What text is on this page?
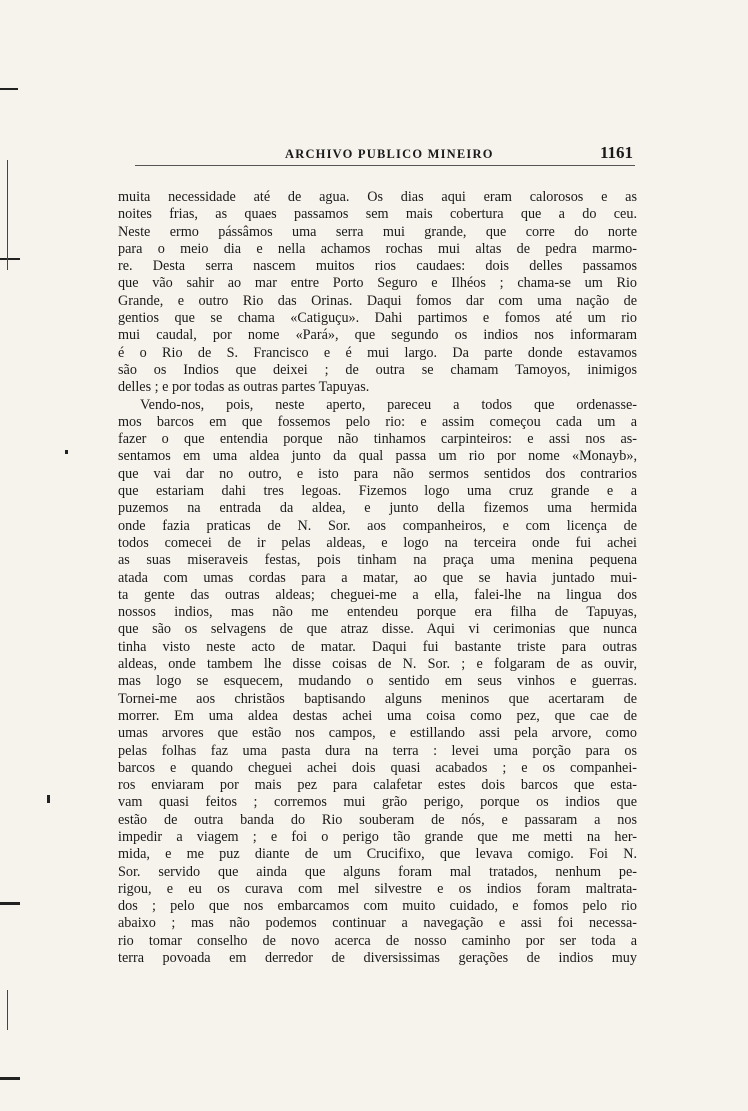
ARCHIVO PUBLICO MINEIRO	1161
muita necessidade até de agua. Os dias aqui eram calorosos e as
noites frias, as quaes passamos sem mais cobertura que a do ceu.
Neste ermo pássâmos uma serra mui grande, que corre do norte
para o meio dia e nella achamos rochas mui altas de pedra marmo-
re. Desta serra nascem muitos rios caudaes: dois delles passamos
que vão sahir ao mar entre Porto Seguro e Ilhéos ; chama-se um Rio
Grande, e outro Rio das Orinas. Daqui fomos dar com uma nação de
gentios que se chama «Catiguçu». Dahi partimos e fomos até um rio
mui caudal, por nome «Pará», que segundo os indios nos informaram
é o Rio de S. Francisco e é mui largo. Da parte donde estavamos
são os Indios que deixei ; de outra se chamam Tamoyos, inimigos
delles ; e por todas as outras partes Tapuyas.
Vendo-nos, pois, neste aperto, pareceu a todos que ordenasse-
mos barcos em que fossemos pelo rio: e assim começou cada um a
fazer o que entendia porque não tinhamos carpinteiros: e assi nos as-
sentamos em uma aldea junto da qual passa um rio por nome «Monayb»,
que vai dar no outro, e isto para não sermos sentidos dos contrarios
que estariam dahi tres legoas. Fizemos logo uma cruz grande e a
puzemos na entrada da aldea, e junto della fizemos uma hermida
onde fazia praticas de N. Sor. aos companheiros, e com licença de
todos comecei de ir pelas aldeas, e logo na terceira onde fui achei
as suas miseraveis festas, pois tinham na praça uma menina pequena
atada com umas cordas para a matar, ao que se havia juntado mui-
ta gente das outras aldeas; cheguei-me a ella, falei-lhe na lingua dos
nossos indios, mas não me entendeu porque era filha de Tapuyas,
que são os selvagens de que atraz disse. Aqui vi cerimonias que nunca
tinha visto neste acto de matar. Daqui fui bastante triste para outras
aldeas, onde tambem lhe disse coisas de N. Sor. ; e folgaram de as ouvir,
mas logo se esquecem, mudando o sentido em seus vinhos e guerras.
Tornei-me aos christãos baptisando alguns meninos que acertaram de
morrer. Em uma aldea destas achei uma coisa como pez, que cae de
umas arvores que estão nos campos, e estillando assi pela arvore, como
pelas folhas faz uma pasta dura na terra : levei uma porção para os
barcos e quando cheguei achei dois quasi acabados ; e os companhei-
ros enviaram por mais pez para calafetar estes dois barcos que esta-
vam quasi feitos ; corremos mui grão perigo, porque os indios que
estão de outra banda do Rio souberam de nós, e passaram a nos
impedir a viagem ; e foi o perigo tão grande que me metti na her-
mida, e me puz diante de um Crucifixo, que levava comigo. Foi N.
Sor. servido que ainda que alguns foram mal tratados, nenhum pe-
rigou, e eu os curava com mel silvestre e os indios foram maltrata-
dos ; pelo que nos embarcamos com muito cuidado, e fomos pelo rio
abaixo ; mas não podemos continuar a navegação e assi foi necessa-
rio tomar conselho de novo acerca de nosso caminho por ser toda a
terra povoada em derredor de diversissimas gerações de indios muy
